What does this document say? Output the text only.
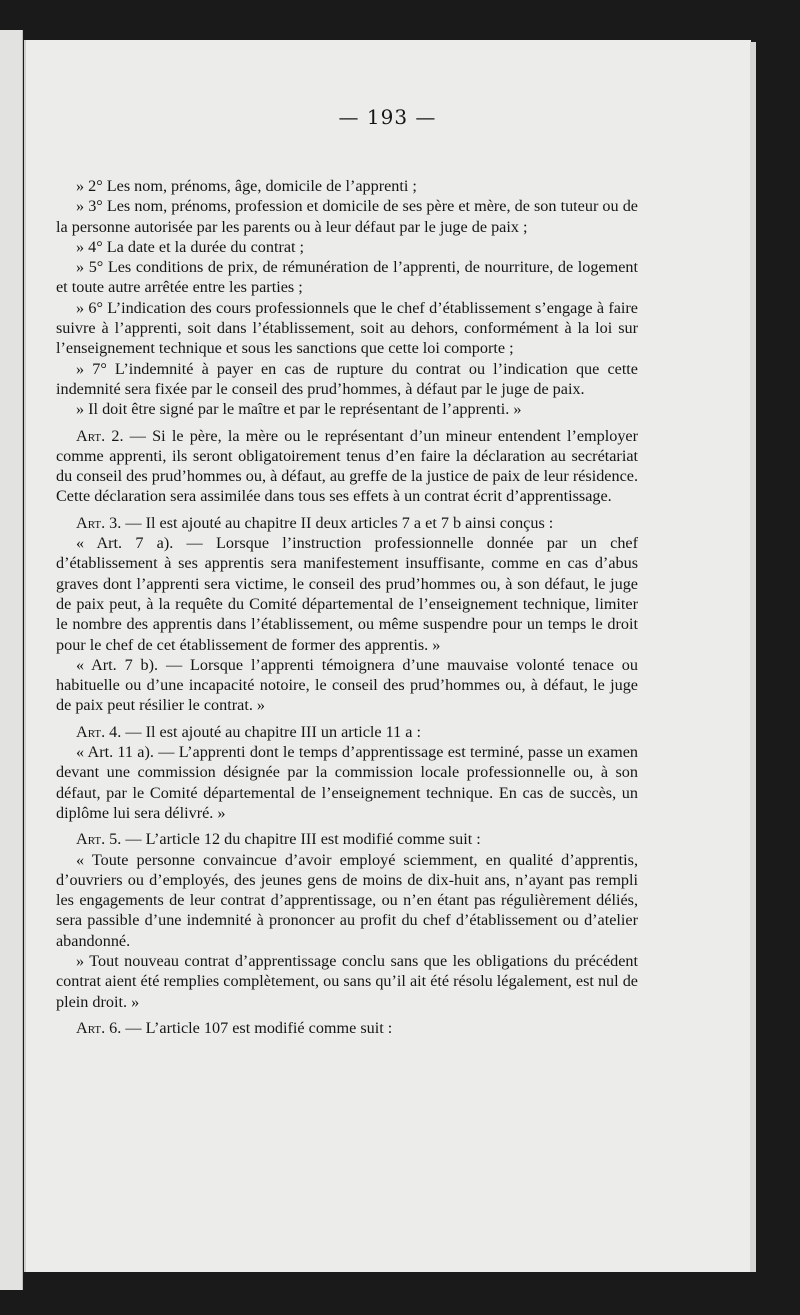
— 193 —

» 2° Les nom, prénoms, âge, domicile de l’apprenti ;

» 3° Les nom, prénoms, profession et domicile de ses père et mère, de son tuteur ou de la personne autorisée par les parents ou à leur défaut par le juge de paix ;

» 4° La date et la durée du contrat ;

» 5° Les conditions de prix, de rémunération de l’apprenti, de nourriture, de logement et toute autre arrêtée entre les parties ;

» 6° L’indication des cours professionnels que le chef d’établissement s’engage à faire suivre à l’apprenti, soit dans l’établissement, soit au dehors, conformément à la loi sur l’enseignement technique et sous les sanctions que cette loi comporte ;

» 7° L’indemnité à payer en cas de rupture du contrat ou l’indication que cette indemnité sera fixée par le conseil des prud’hommes, à défaut par le juge de paix.

» Il doit être signé par le maître et par le représentant de l’apprenti. »

Art. 2. — Si le père, la mère ou le représentant d’un mineur entendent l’employer comme apprenti, ils seront obligatoirement tenus d’en faire la déclaration au secrétariat du conseil des prud’hommes ou, à défaut, au greffe de la justice de paix de leur résidence. Cette déclaration sera assimilée dans tous ses effets à un contrat écrit d’apprentissage.

Art. 3. — Il est ajouté au chapitre II deux articles 7 a et 7 b ainsi conçus :

« Art. 7 a). — Lorsque l’instruction professionnelle donnée par un chef d’établissement à ses apprentis sera manifestement insuffisante, comme en cas d’abus graves dont l’apprenti sera victime, le conseil des prud’hommes ou, à son défaut, le juge de paix peut, à la requête du Comité départemental de l’enseignement technique, limiter le nombre des apprentis dans l’établissement, ou même suspendre pour un temps le droit pour le chef de cet établissement de former des apprentis. »

« Art. 7 b). — Lorsque l’apprenti témoignera d’une mauvaise volonté tenace ou habituelle ou d’une incapacité notoire, le conseil des prud’hommes ou, à défaut, le juge de paix peut résilier le contrat. »

Art. 4. — Il est ajouté au chapitre III un article 11 a :

« Art. 11 a). — L’apprenti dont le temps d’apprentissage est terminé, passe un examen devant une commission désignée par la commission locale professionnelle ou, à son défaut, par le Comité départemental de l’enseignement technique. En cas de succès, un diplôme lui sera délivré. »

Art. 5. — L’article 12 du chapitre III est modifié comme suit :

« Toute personne convaincue d’avoir employé sciemment, en qualité d’apprentis, d’ouvriers ou d’employés, des jeunes gens de moins de dix-huit ans, n’ayant pas rempli les engagements de leur contrat d’apprentissage, ou n’en étant pas régulièrement déliés, sera passible d’une indemnité à prononcer au profit du chef d’établissement ou d’atelier abandonné.

» Tout nouveau contrat d’apprentissage conclu sans que les obligations du précédent contrat aient été remplies complètement, ou sans qu’il ait été résolu légalement, est nul de plein droit. »

Art. 6. — L’article 107 est modifié comme suit :
